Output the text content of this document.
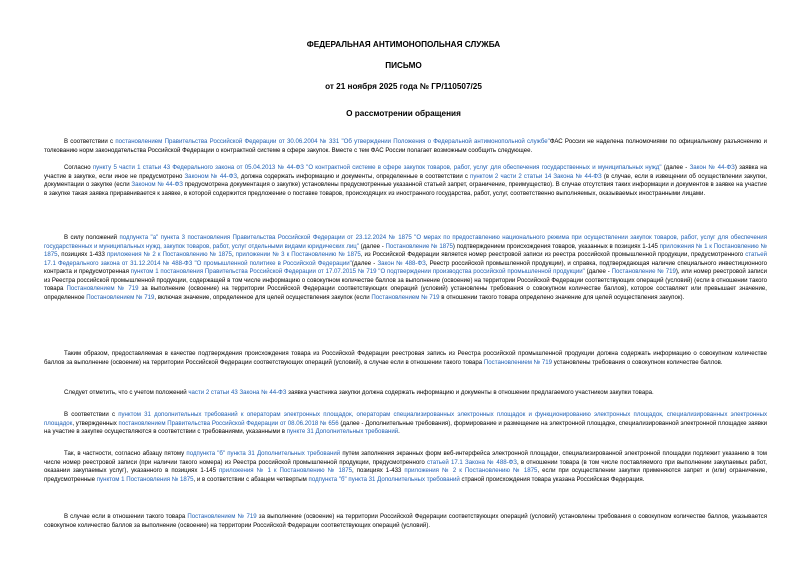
ФЕДЕРАЛЬНАЯ АНТИМОНОПОЛЬНАЯ СЛУЖБА
ПИСЬМО
от 21 ноября 2025 года № ГР/110507/25
О рассмотрении обращения

В соответствии с постановлением Правительства Российской Федерации от 30.06.2004 № 331 "Об утверждении Положения о Федеральной антимонопольной службе"ФАС России не наделена полномочиями по официальному разъяснению и толкованию норм законодательства Российской Федерации о контрактной системе в сфере закупок. Вместе с тем ФАС России полагает возможным сообщить следующее.

Согласно пункту 5 части 1 статьи 43 Федерального закона от 05.04.2013 № 44-ФЗ "О контрактной системе в сфере закупок товаров, работ, услуг для обеспечения государственных и муниципальных нужд" (далее - Закон № 44-ФЗ) заявка на участие в закупке, если иное не предусмотрено Законом № 44-ФЗ, должна содержать информацию и документы, определенные в соответствии с пунктом 2 части 2 статьи 14 Закона № 44-ФЗ (в случае, если в извещении об осуществлении закупки, документации о закупке (если Законом № 44-ФЗ предусмотрена документация о закупке) установлены предусмотренные указанной статьей запрет, ограничение, преимущество). В случае отсутствия таких информации и документов в заявке на участие в закупке такая заявка приравнивается к заявке, в которой содержится предложение о поставке товаров, происходящих из иностранного государства, работ, услуг, соответственно выполняемых, оказываемых иностранными лицами.

В силу положений подпункта "а" пункта 3 постановления Правительства Российской Федерации от 23.12.2024 № 1875 "О мерах по предоставлению национального режима при осуществлении закупок товаров, работ, услуг для обеспечения государственных и муниципальных нужд, закупок товаров, работ, услуг отдельными видами юридических лиц" (далее - Постановление № 1875) подтверждением происхождения товаров, указанных в позициях 1-145 приложения № 1 к Постановлению № 1875, позициях 1-433 приложения № 2 к Постановлению № 1875, приложении № 3 к Постановлению № 1875, из Российской Федерации является номер реестровой записи из реестра российской промышленной продукции, предусмотренного статьей 17.1 Федерального закона от 31.12.2014 № 488-ФЗ "О промышленной политике в Российской Федерации"(далее - Закон № 488-ФЗ, Реестр российской промышленной продукции), и справка, подтверждающая наличие специального инвестиционного контракта и предусмотренная пунктом 1 постановления Правительства Российской Федерации от 17.07.2015 № 719 "О подтверждении производства российской промышленной продукции" (далее - Постановление № 719), или номер реестровой записи из Реестра российской промышленной продукции, содержащей в том числе информацию о совокупном количестве баллов за выполнение (освоение) на территории Российской Федерации соответствующих операций (условий) (если в отношении такого товара Постановлением № 719 за выполнение (освоение) на территории Российской Федерации соответствующих операций (условий) установлены требования о совокупном количестве баллов), которое составляет или превышает значение, определенное Постановлением № 719, включая значение, определенное для целей осуществления закупок (если Постановлением № 719 в отношении такого товара определено значение для целей осуществления закупок).

Таким образом, предоставляемая в качестве подтверждения происхождения товара из Российской Федерации реестровая запись из Реестра российской промышленной продукции должна содержать информацию о совокупном количестве баллов за выполнение (освоение) на территории Российской Федерации соответствующих операций (условий), в случае если в отношении такого товара Постановлением № 719 установлены требования о совокупном количестве баллов.

Следует отметить, что с учетом положений части 2 статьи 43 Закона № 44-ФЗ заявка участника закупки должна содержать информацию и документы в отношении предлагаемого участником закупки товара.

В соответствии с пунктом 31 дополнительных требований к операторам электронных площадок, операторам специализированных электронных площадок и функционированию электронных площадок, специализированных электронных площадок, утвержденных постановлением Правительства Российской Федерации от 08.06.2018 № 656 (далее - Дополнительные требования), формирование и размещение на электронной площадке, специализированной электронной площадке заявки на участие в закупке осуществляются в соответствии с требованиями, указанными в пункте 31 Дополнительных требований.

Так, в частности, согласно абзацу пятому подпункта "б" пункта 31 Дополнительных требований путем заполнения экранных форм веб-интерфейса электронной площадки, специализированной электронной площадки подлежит указанию в том числе номер реестровой записи (при наличии такого номера) из Реестра российской промышленной продукции, предусмотренного статьей 17.1 Закона № 488-ФЗ, в отношении товара (в том числе поставляемого при выполнении закупаемых работ, оказании закупаемых услуг), указанного в позициях 1-145 приложения № 1 к Постановлению № 1875, позициях 1-433 приложения № 2 к Постановлению № 1875, если при осуществлении закупки применяются запрет и (или) ограничение, предусмотренные пунктом 1 Постановления № 1875, и в соответствии с абзацем четвертым подпункта "б" пункта 31 Дополнительных требований страной происхождения товара указана Российская Федерация.

В случае если в отношении такого товара Постановлением № 719 за выполнение (освоение) на территории Российской Федерации соответствующих операций (условий) установлены требования о совокупном количестве баллов, указывается совокупное количество баллов за выполнение (освоение) на территории Российской Федерации соответствующих операций (условий).
